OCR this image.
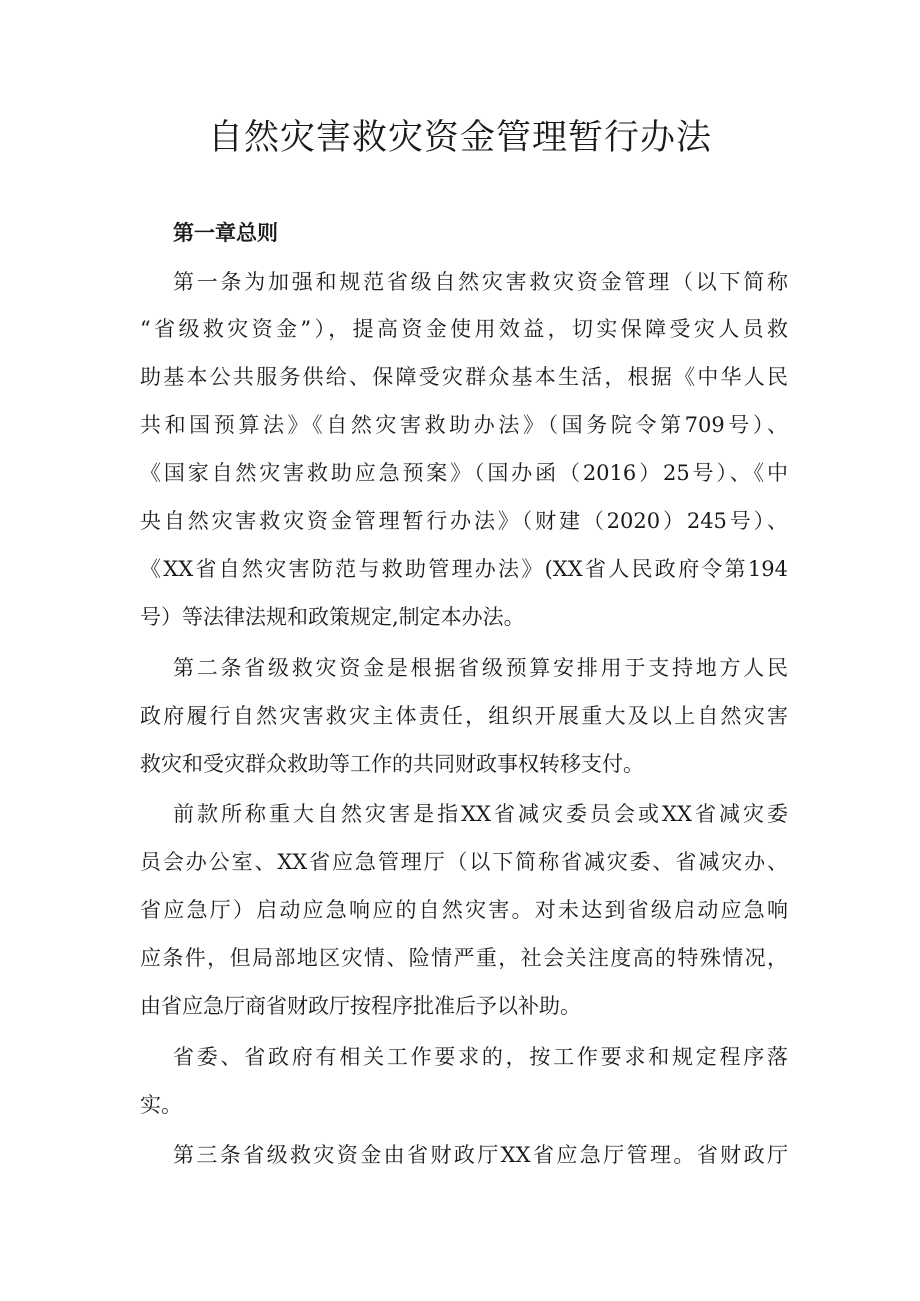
自然灾害救灾资金管理暂行办法
第一章总则

第一条为加强和规范省级自然灾害救灾资金管理（以下简称

“省级救灾资金”），提高资金使用效益，切实保障受灾人员救

助基本公共服务供给、保障受灾群众基本生活，根据《中华人民

共和国预算法》《自然灾害救助办法》（国务院令第709号）、

《国家自然灾害救助应急预案》（国办函（2016）25号）、《中

央自然灾害救灾资金管理暂行办法》（财建（2020）245号）、

《XX省自然灾害防范与救助管理办法》(XX省人民政府令第194

号）等法律法规和政策规定,制定本办法。

第二条省级救灾资金是根据省级预算安排用于支持地方人民

政府履行自然灾害救灾主体责任，组织开展重大及以上自然灾害

救灾和受灾群众救助等工作的共同财政事权转移支付。

前款所称重大自然灾害是指XX省减灾委员会或XX省减灾委

员会办公室、XX省应急管理厅（以下简称省减灾委、省减灾办、

省应急厅）启动应急响应的自然灾害。对未达到省级启动应急响

应条件，但局部地区灾情、险情严重，社会关注度高的特殊情况，

由省应急厅商省财政厅按程序批准后予以补助。

省委、省政府有相关工作要求的，按工作要求和规定程序落

实。

第三条省级救灾资金由省财政厅XX省应急厅管理。省财政厅
